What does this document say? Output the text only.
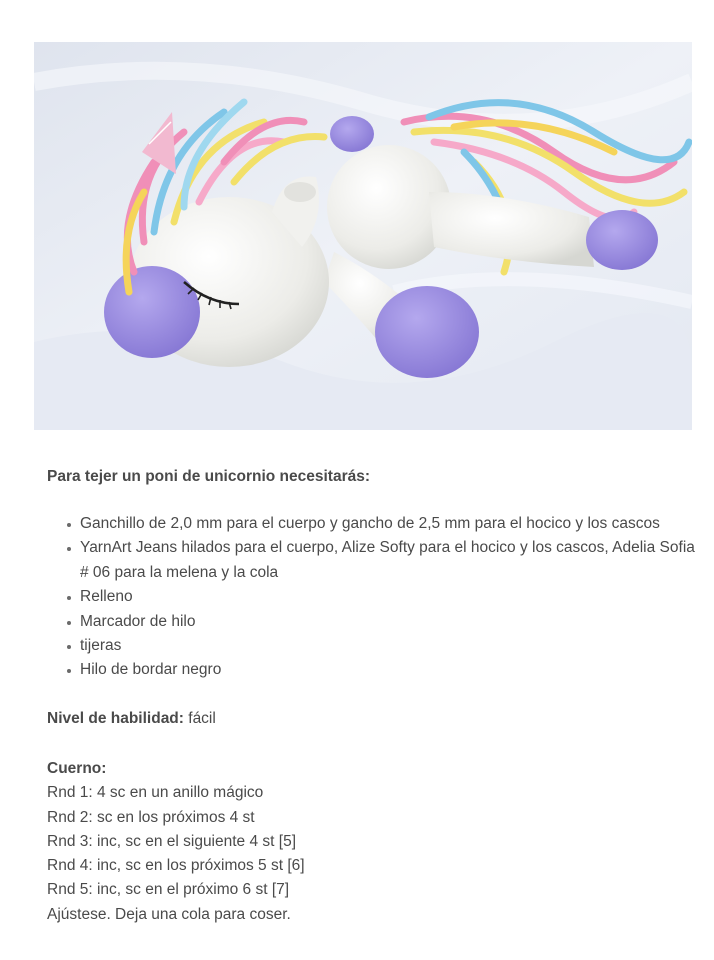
Para tejer un poni de unicornio necesitarás:
Ganchillo de 2,0 mm para el cuerpo y gancho de 2,5 mm para el hocico y los cascos
YarnArt Jeans hilados para el cuerpo, Alize Softy para el hocico y los cascos, Adelia Sofia # 06 para la melena y la cola
Relleno
Marcador de hilo
tijeras
Hilo de bordar negro
Nivel de habilidad: fácil
Cuerno:
Rnd 1: 4 sc en un anillo mágico
Rnd 2: sc en los próximos 4 st
Rnd 3: inc, sc en el siguiente 4 st [5]
Rnd 4: inc, sc en los próximos 5 st [6]
Rnd 5: inc, sc en el próximo 6 st [7]
Ajústese. Deja una cola para coser.
